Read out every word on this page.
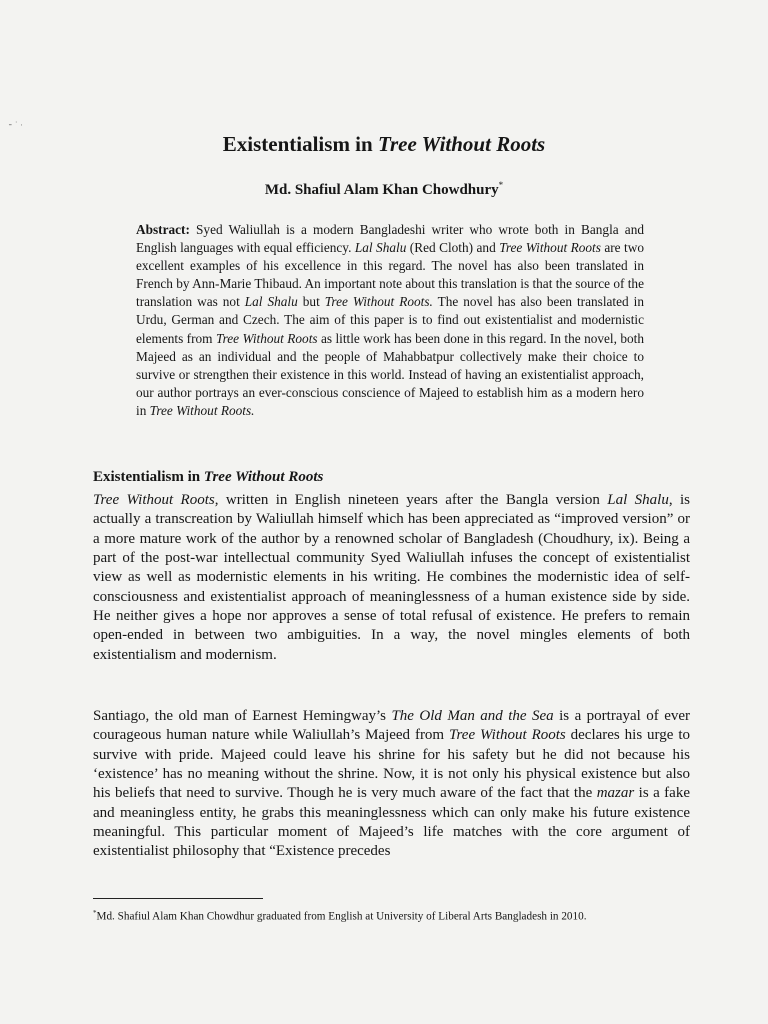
⁃ ˙ ·
Existentialism in Tree Without Roots
Md. Shafiul Alam Khan Chowdhury*

Abstract: Syed Waliullah is a modern Bangladeshi writer who wrote both in Bangla and English languages with equal efficiency. Lal Shalu (Red Cloth) and Tree Without Roots are two excellent examples of his excellence in this regard. The novel has also been translated in French by Ann-Marie Thibaud. An important note about this translation is that the source of the translation was not Lal Shalu but Tree Without Roots. The novel has also been translated in Urdu, German and Czech. The aim of this paper is to find out existentialist and modernistic elements from Tree Without Roots as little work has been done in this regard. In the novel, both Majeed as an individual and the people of Mahabbatpur collectively make their choice to survive or strengthen their existence in this world. Instead of having an existentialist approach, our author portrays an ever-conscious conscience of Majeed to establish him as a modern hero in Tree Without Roots.

Existentialism in Tree Without Roots

Tree Without Roots, written in English nineteen years after the Bangla version Lal Shalu, is actually a transcreation by Waliullah himself which has been appreciated as “improved version” or a more mature work of the author by a renowned scholar of Bangladesh (Choudhury, ix). Being a part of the post-war intellectual community Syed Waliullah infuses the concept of existentialist view as well as modernistic elements in his writing. He combines the modernistic idea of self-consciousness and existentialist approach of meaninglessness of a human existence side by side. He neither gives a hope nor approves a sense of total refusal of existence. He prefers to remain open-ended in between two ambiguities. In a way, the novel mingles elements of both existentialism and modernism.

Santiago, the old man of Earnest Hemingway’s The Old Man and the Sea is a portrayal of ever courageous human nature while Waliullah’s Majeed from Tree Without Roots declares his urge to survive with pride. Majeed could leave his shrine for his safety but he did not because his ‘existence’ has no meaning without the shrine. Now, it is not only his physical existence but also his beliefs that need to survive. Though he is very much aware of the fact that the mazar is a fake and meaningless entity, he grabs this meaninglessness which can only make his future existence meaningful. This particular moment of Majeed’s life matches with the core argument of existentialist philosophy that “Existence precedes

*Md. Shafiul Alam Khan Chowdhur graduated from English at University of Liberal Arts Bangladesh in 2010.
